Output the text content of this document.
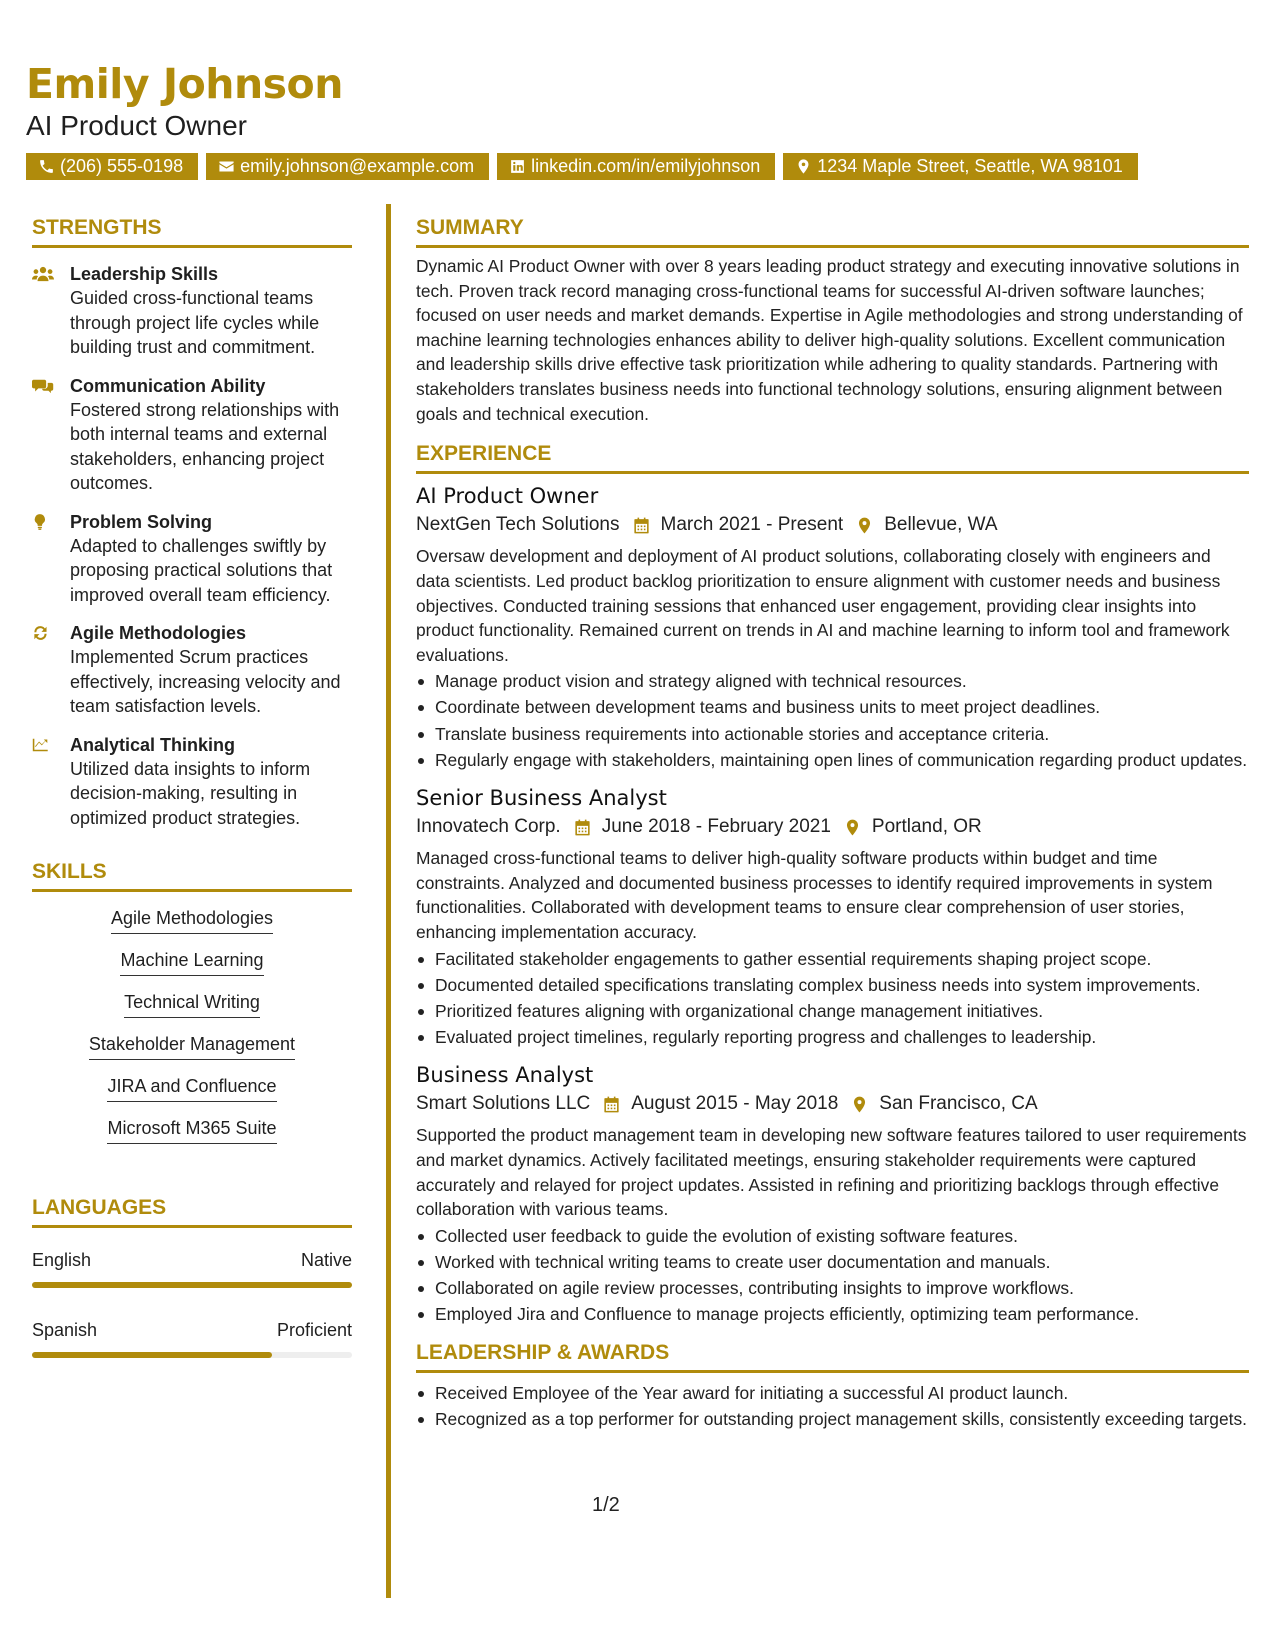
Emily Johnson
AI Product Owner
(206) 555-0198	emily.johnson@example.com	linkedin.com/in/emilyjohnson	1234 Maple Street, Seattle, WA 98101
STRENGTHS
Leadership Skills
Guided cross-functional teams through project life cycles while building trust and commitment.
Communication Ability
Fostered strong relationships with both internal teams and external stakeholders, enhancing project outcomes.
Problem Solving
Adapted to challenges swiftly by proposing practical solutions that improved overall team efficiency.
Agile Methodologies
Implemented Scrum practices effectively, increasing velocity and team satisfaction levels.
Analytical Thinking
Utilized data insights to inform decision-making, resulting in optimized product strategies.
SKILLS
Agile Methodologies
Machine Learning
Technical Writing
Stakeholder Management
JIRA and Confluence
Microsoft M365 Suite
LANGUAGES
English	Native
Spanish	Proficient
SUMMARY
Dynamic AI Product Owner with over 8 years leading product strategy and executing innovative solutions in tech. Proven track record managing cross-functional teams for successful AI-driven software launches; focused on user needs and market demands. Expertise in Agile methodologies and strong understanding of machine learning technologies enhances ability to deliver high-quality solutions. Excellent communication and leadership skills drive effective task prioritization while adhering to quality standards. Partnering with stakeholders translates business needs into functional technology solutions, ensuring alignment between goals and technical execution.
EXPERIENCE
AI Product Owner
NextGen Tech Solutions March 2021 - Present Bellevue, WA
Oversaw development and deployment of AI product solutions, collaborating closely with engineers and data scientists. Led product backlog prioritization to ensure alignment with customer needs and business objectives. Conducted training sessions that enhanced user engagement, providing clear insights into product functionality. Remained current on trends in AI and machine learning to inform tool and framework evaluations.
Manage product vision and strategy aligned with technical resources.
Coordinate between development teams and business units to meet project deadlines.
Translate business requirements into actionable stories and acceptance criteria.
Regularly engage with stakeholders, maintaining open lines of communication regarding product updates.
Senior Business Analyst
Innovatech Corp. June 2018 - February 2021 Portland, OR
Managed cross-functional teams to deliver high-quality software products within budget and time constraints. Analyzed and documented business processes to identify required improvements in system functionalities. Collaborated with development teams to ensure clear comprehension of user stories, enhancing implementation accuracy.
Facilitated stakeholder engagements to gather essential requirements shaping project scope.
Documented detailed specifications translating complex business needs into system improvements.
Prioritized features aligning with organizational change management initiatives.
Evaluated project timelines, regularly reporting progress and challenges to leadership.
Business Analyst
Smart Solutions LLC August 2015 - May 2018 San Francisco, CA
Supported the product management team in developing new software features tailored to user requirements and market dynamics. Actively facilitated meetings, ensuring stakeholder requirements were captured accurately and relayed for project updates. Assisted in refining and prioritizing backlogs through effective collaboration with various teams.
Collected user feedback to guide the evolution of existing software features.
Worked with technical writing teams to create user documentation and manuals.
Collaborated on agile review processes, contributing insights to improve workflows.
Employed Jira and Confluence to manage projects efficiently, optimizing team performance.
LEADERSHIP & AWARDS
Received Employee of the Year award for initiating a successful AI product launch.
Recognized as a top performer for outstanding project management skills, consistently exceeding targets.
1/2
